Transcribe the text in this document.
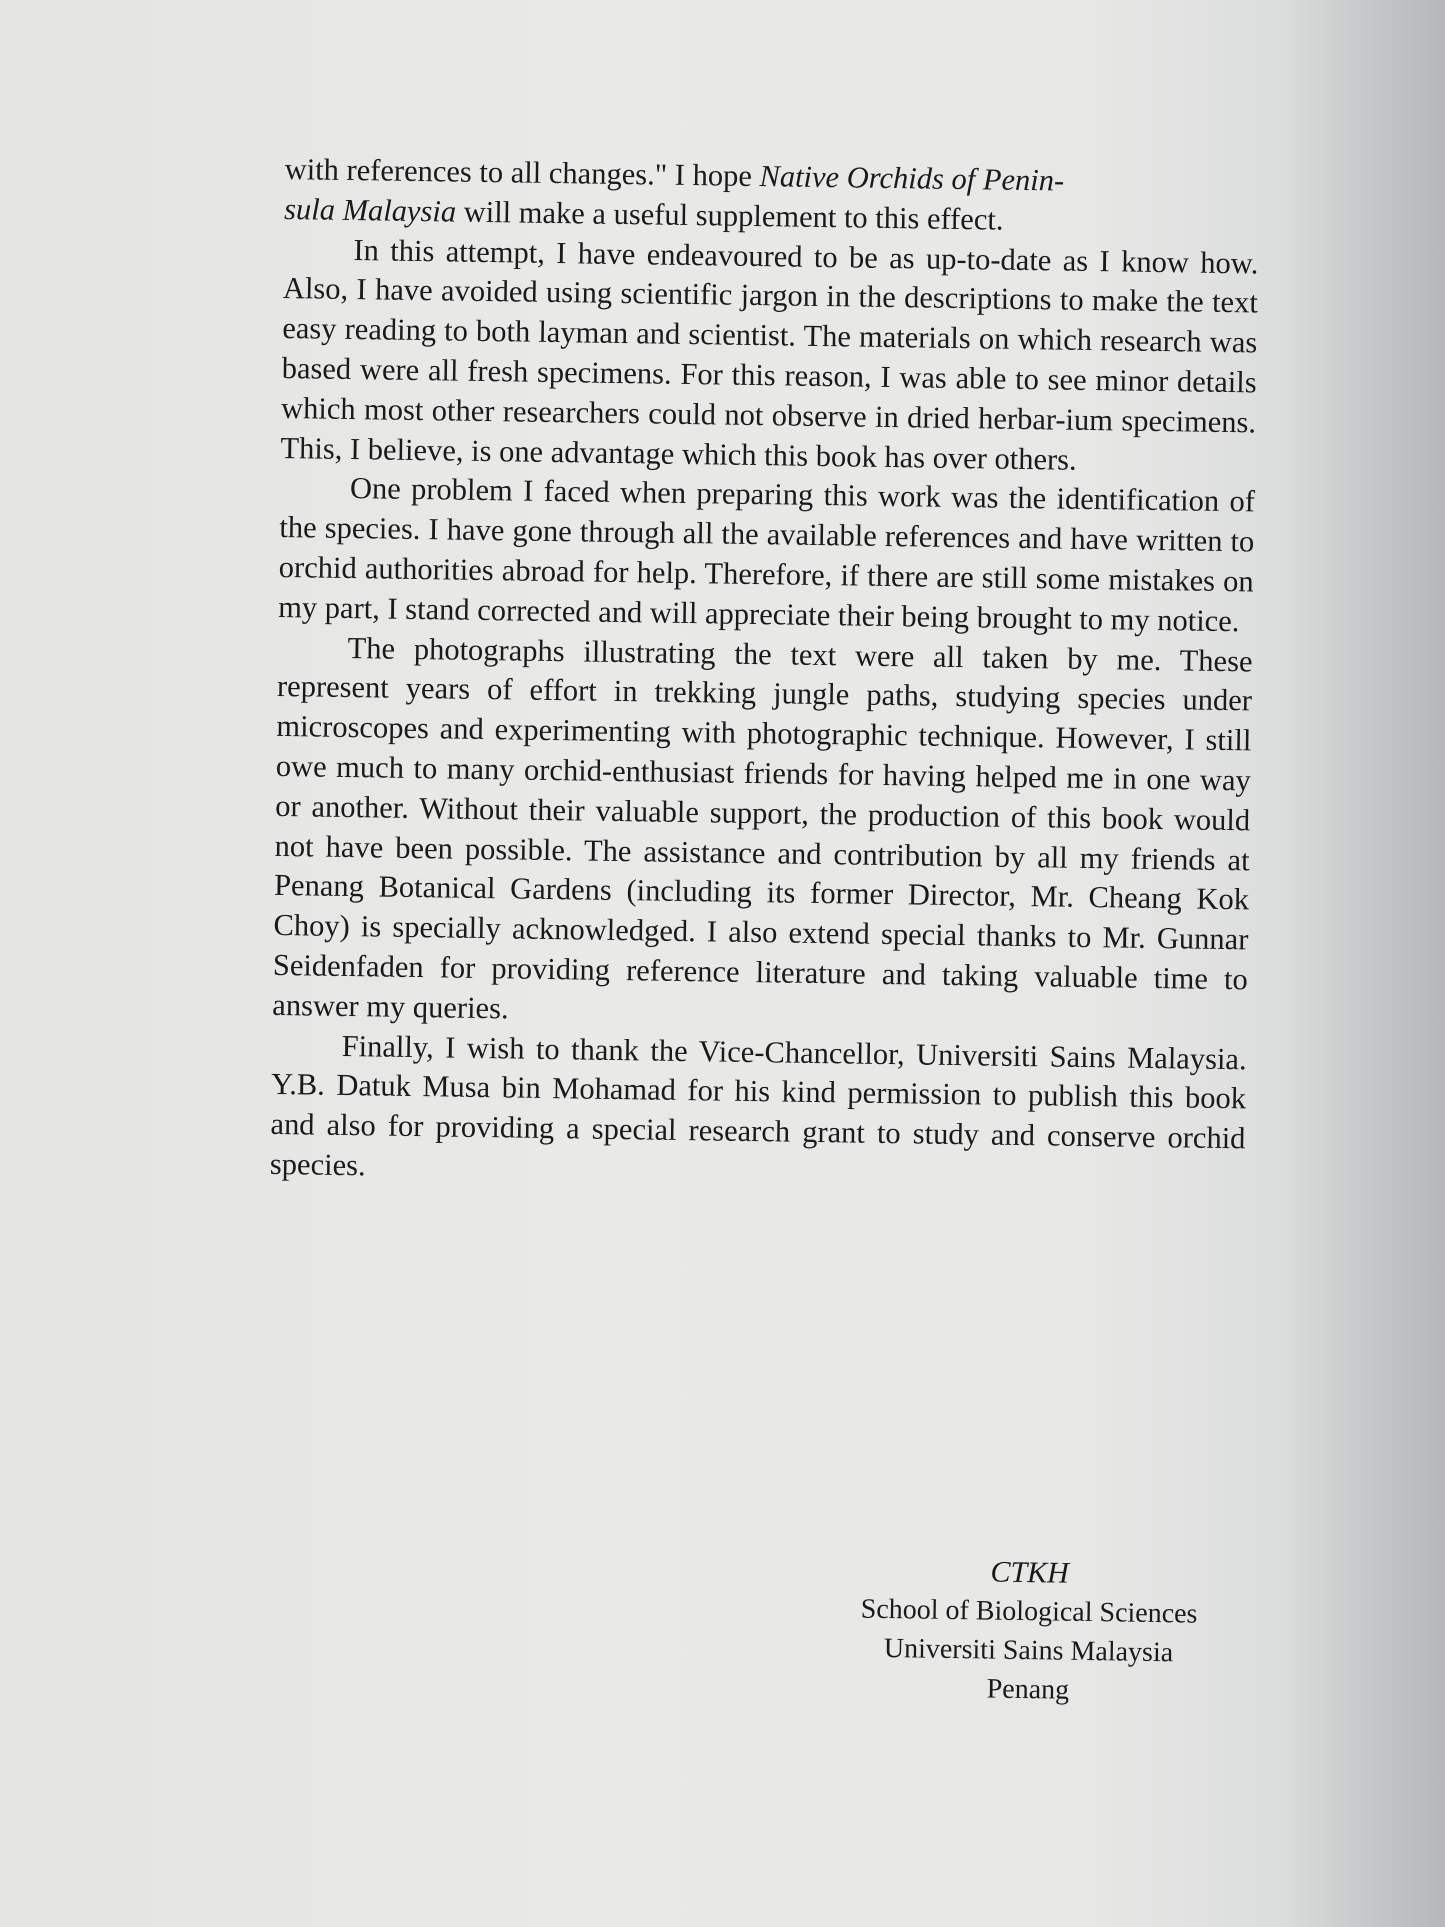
with references to all changes." I hope Native Orchids of Penin-
sula Malaysia will make a useful supplement to this effect.

In this attempt, I have endeavoured to be as up-to-date as I know how. Also, I have avoided using scientific jargon in the descriptions to make the text easy reading to both layman and scientist. The materials on which research was based were all fresh specimens. For this reason, I was able to see minor details which most other researchers could not observe in dried herbar-ium specimens. This, I believe, is one advantage which this book has over others.

One problem I faced when preparing this work was the identification of the species. I have gone through all the available references and have written to orchid authorities abroad for help. Therefore, if there are still some mistakes on my part, I stand corrected and will appreciate their being brought to my notice.

The photographs illustrating the text were all taken by me. These represent years of effort in trekking jungle paths, studying species under microscopes and experimenting with photographic technique. However, I still owe much to many orchid-enthusiast friends for having helped me in one way or another. Without their valuable support, the production of this book would not have been possible. The assistance and contribution by all my friends at Penang Botanical Gardens (including its former Director, Mr. Cheang Kok Choy) is specially acknowledged. I also extend special thanks to Mr. Gunnar Seidenfaden for providing reference literature and taking valuable time to answer my queries.

Finally, I wish to thank the Vice-Chancellor, Universiti Sains Malaysia. Y.B. Datuk Musa bin Mohamad for his kind permission to publish this book and also for providing a special research grant to study and conserve orchid species.

CTKH
School of Biological Sciences
Universiti Sains Malaysia
Penang
